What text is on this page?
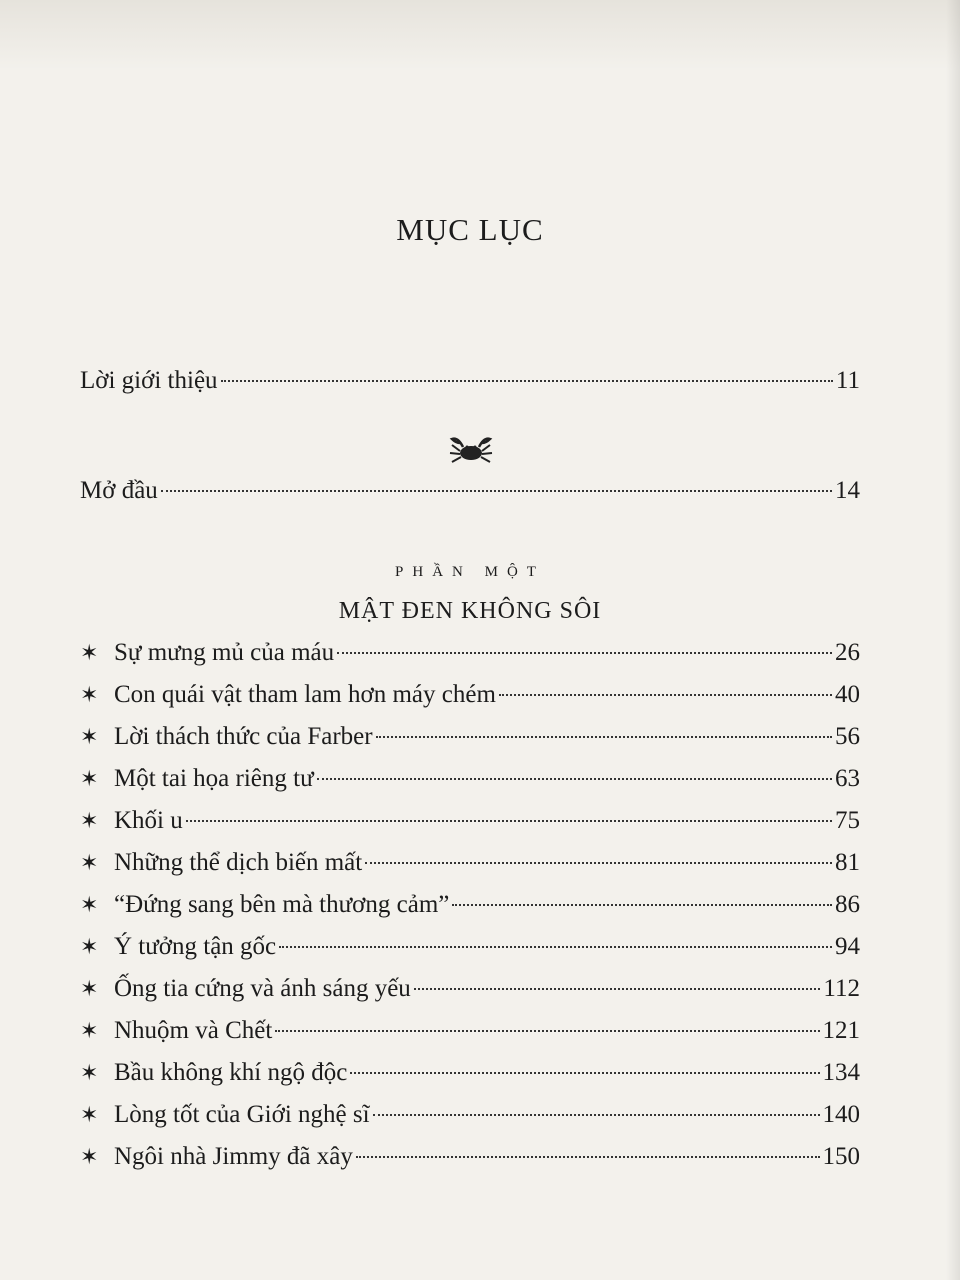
MỤC LỤC
Lời giới thiệu	11
Mở đầu	14
PHẦN MỘT
MẬT ĐEN KHÔNG SÔI
✶ Sự mưng mủ của máu	26
✶ Con quái vật tham lam hơn máy chém	40
✶ Lời thách thức của Farber	56
✶ Một tai họa riêng tư	63
✶ Khối u	75
✶ Những thể dịch biến mất	81
✶ “Đứng sang bên mà thương cảm”	86
✶ Ý tưởng tận gốc	94
✶ Ống tia cứng và ánh sáng yếu	112
✶ Nhuộm và Chết	121
✶ Bầu không khí ngộ độc	134
✶ Lòng tốt của Giới nghệ sĩ	140
✶ Ngôi nhà Jimmy đã xây	150
